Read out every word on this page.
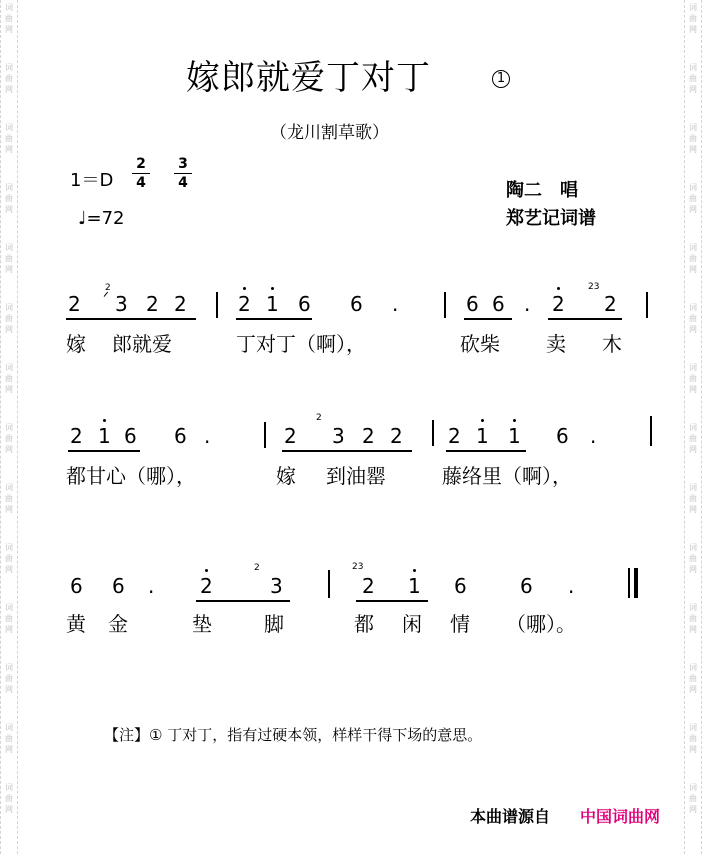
词
曲
网
词
曲
网
词
曲
网
词
曲
网
词
曲
网
词
曲
网
词
曲
网
词
曲
网
词
曲
网
词
曲
网
词
曲
网
词
曲
网
词
曲
网
词
曲
网
词
曲
网
词
曲
网
词
曲
网
词
曲
网
词
曲
网
词
曲
网
词
曲
网
词
曲
网
词
曲
网
词
曲
网
词
曲
网
词
曲
网
词
曲
网
词
曲
网
嫁郎就爱丁对丁	1
（龙川割草歌）
$1=D \frac{2}{4} \frac{3}{4}$
♩=72
陶二　唱
郑艺记词谱
2
2
ᐟ 3 2 2	2 1 6 6 .	6 6 . 2
23
2
嫁 郎就爱	丁对丁（啊），	砍柴 卖 木
2 1 6 6 .	2
2
3 2 2 2 1 1 6 .
都甘心（哪），	嫁 到油罂	藤络里（啊），
6 6 . 2
2
3
23
2 1 6	6 .
黄 金	垫	脚	都 闲 情 （哪）。
【注】① 丁对丁，指有过硬本领，样样干得下场的意思。
本曲谱源自 中国词曲网
